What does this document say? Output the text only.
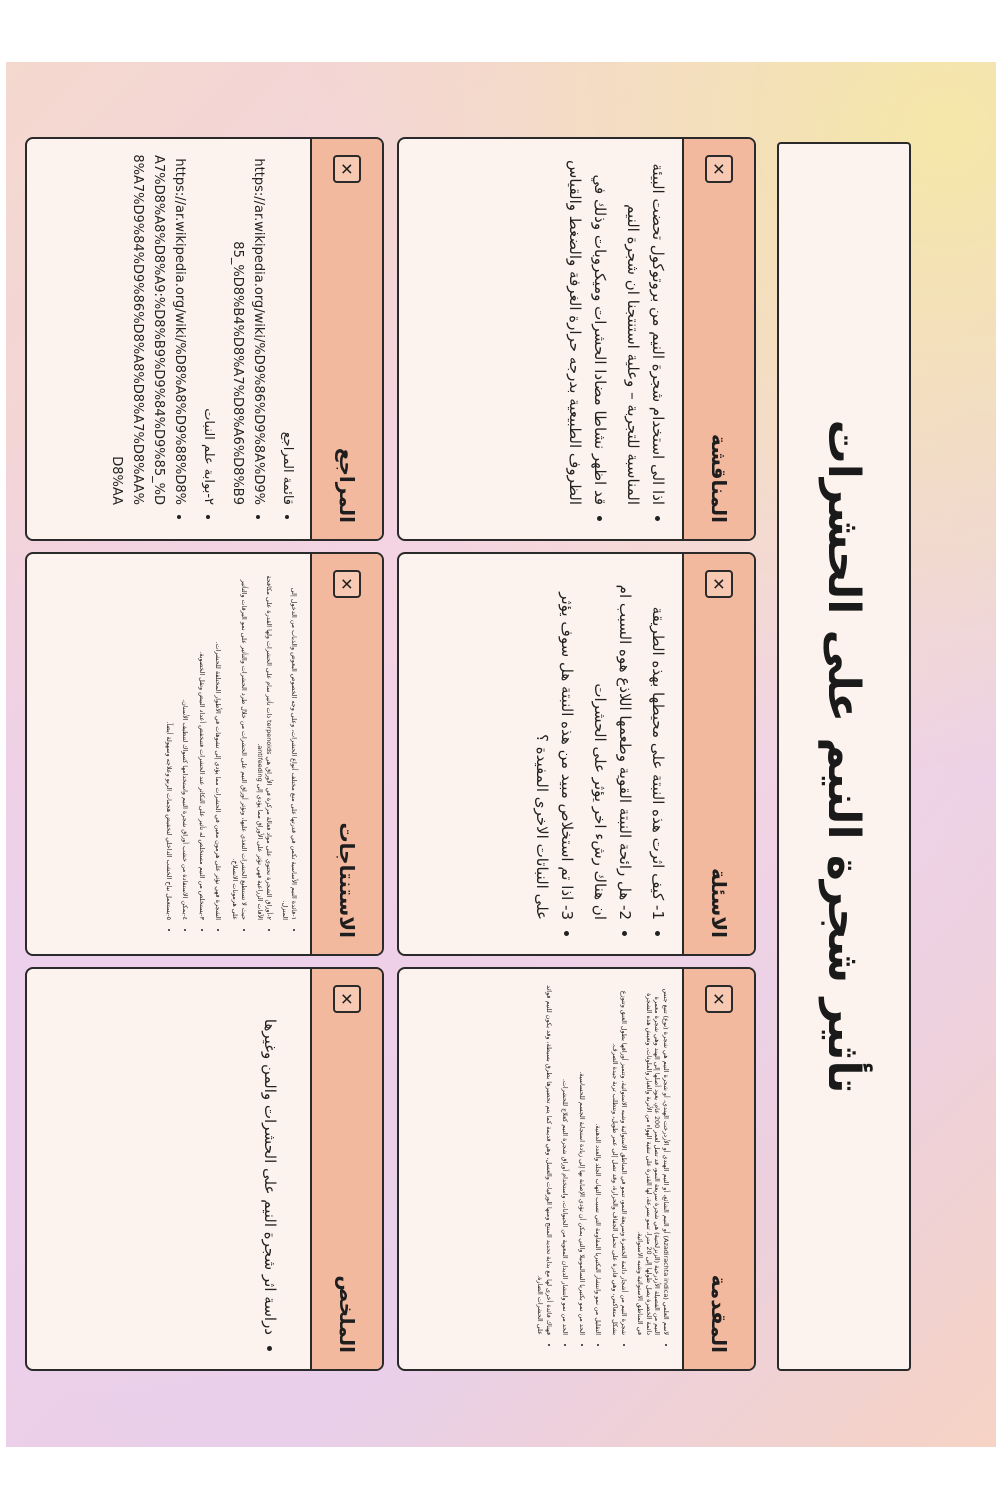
تأثير شجرة النيم على الحشرات
المقدمة
✕
• لاسم العلمي (Azadirachta indica) أو النيم الشائع، أو النيم الهندي أو الأزدرخت الهندي، أو شجرة النيم هي شجرة (نوع) تتبع جنس النيم من الفصيلة الأزدرخية (الزنزلختية) هي شجرة سريعة النمو، قد تصل لعمر 200 عام، يعود أصلها إلى الهند وهي شجرة معمرة دائمة الخضرة يصل طولها إلى 20 مترا، تنمو بسرعة، لها القدرة على تنقية الهواء من الأتربة والغبار والملوثات، وتعيش هذه الشجرة في المناطق الاستوائية وشبه الاستوائية.
• شجرة النيم من أشجار دائمة الخضرة وسريعة النمو، تنمو في المناطق الاستوائية وشبه الاستوائية، وتتميز أوراقها بطول العنق وتتوزع بشكل متعاكس، وهي قادرة على تحمل الجفاف والحرارة، وقد تصل إلى عمر طويل، وتتطلب تربة جيدة الصرف.
• التقليل من نمو وانتشار البكتيريا المقاومة التي تسبب التهاب الجلد والعدد الدهنية.
• الحد من نمو بكتيريا السالمونيلا والتي يمكن أن تؤدي الإصابة بها إلى زيادة استجابة الجسم للحساسية.
• الحد من نمو وانتشار الديدان المعوية من الحيوانات، واستخدام أوراق شجرة النيم كعلاج للحشرات.
• فهناك فائدة أخرى لها مع بداية تحديد المنتج ومنها الورقيات والعسل، وهي قديمة كما يتم تحضيرها بطرق بسيطة، وقد يكون للنيم فوائد على الحشرات الضارة.
الاسئلة
✕
• 1- كيف اثرت هذه النبتة على محيطها بهذه الطريقة
• 2- هل رائحة النبتة القوية وطعمها اللاذع هوه السبب ام ان هناك رشء اخر يؤثر على الحشرات
• 3- اذا تم استخلاص مبيد من هذه النبتة هل سوف يؤثر على النباتات الاخرى المفيدة ؟
المناقشة
✕
• اذا الى استخدام شجرة النيم من بروتوكول تحضت البيئة المناسبة للتجربة – وعلية استنتجنا ان شجرة النيم
• قد اظهر نشاطا مضادا الحشرات وميكروبات وذلك في الظروف الطبيعية بدرجه حرارة الغرفة والضغط والقياس
الملخص
✕
• دراسة اثر شجرة النيم على الحشرات والمن وغيرها
الاستنتاجات
✕
• ١-فائدة النيم الأساسية تكمن في قدرتها على منع مختلف أنواع الحشرات، وعلى وجه الخصوص البعوض والذباب من الدخول إلى المنزل.
• ٢-أوراق الشجرة تحتوي على مواد فعالة مركزة في الأوراق هي terpenoids ذات تأثير سام على الحشرات ولها القدرة على مكافحة الآفات الزراعية فهي تؤثر على الأوراق مما يؤدي إلى antifeeding.
• حيث لا تستطيع الحشرات التغذي عليها، وتؤثر أوراق النيم على الحشرات من خلال طرد الحشرات والتأثير على نمو اليرقات والتأثير على هرمونات الانسلاخ.
• الشجرة فهي تؤثر على هرمون معين في الحشرات مما يؤدي إلى تشوهات في الأطوار المختلفة للحشرات.
• ٣-يستخلص من النيم مستخلص له تأثير على التكاثر عند الحشرات فتنخفض أعداد البيض وتقل الخصوبة.
• ٤-يمكن الاستفادة من خشب أوراق شجرة النيم واستخدامها كسواك لتنظيف الأسنان.
• ٥-يستعمل نباح الخشب الداخلي لتخفيض هجمات الربو وعلاجه وسهولة أيضاً.
المراجع
✕
• قائمة المراجع
• https://ar.wikipedia.org/wiki/%D9%86%D9%8A%D9%85_%D8%B4%D8%A7%D8%A6%D8%B9
• ٢-بوابة علم النبات
• https://ar.wikipedia.org/wiki/%D8%A8%D9%88%D8%A7%D8%A8%D8%A9:%D8%B9%D9%84%D9%85_%D8%A7%D9%84%D9%86%D8%A8%D8%A7%D8%AA%D8%AA
